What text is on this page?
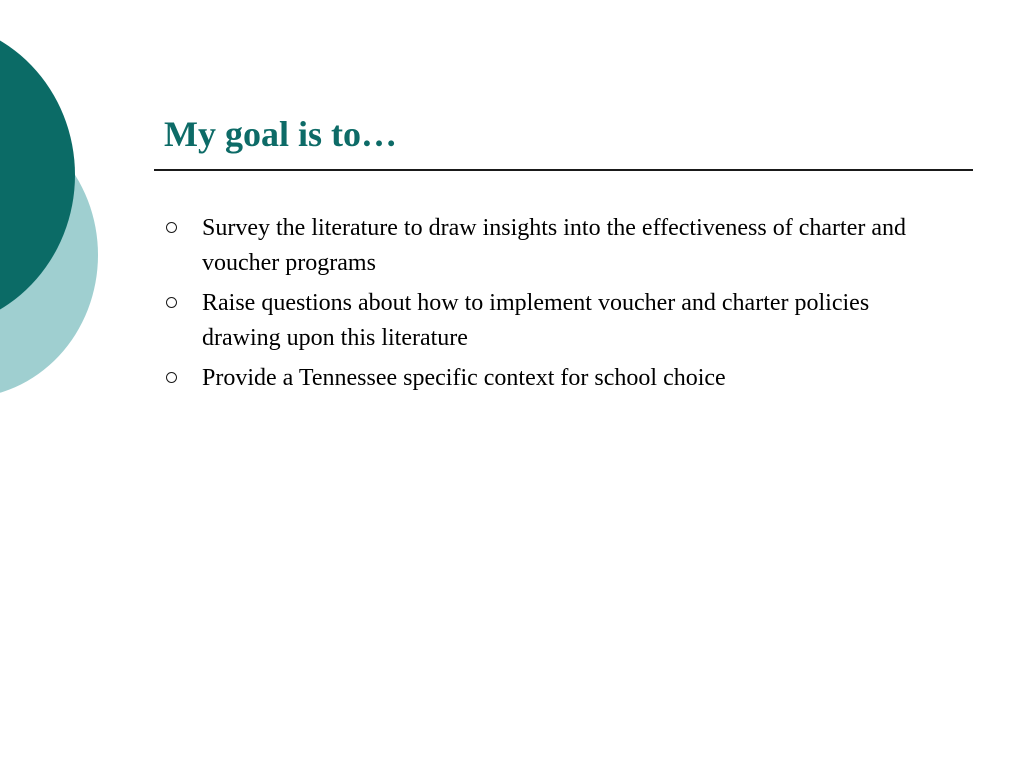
My goal is to…
Survey the literature to draw insights into the effectiveness of charter and voucher programs
Raise questions about how to implement voucher and charter policies drawing upon this literature
Provide a Tennessee specific context for school choice
